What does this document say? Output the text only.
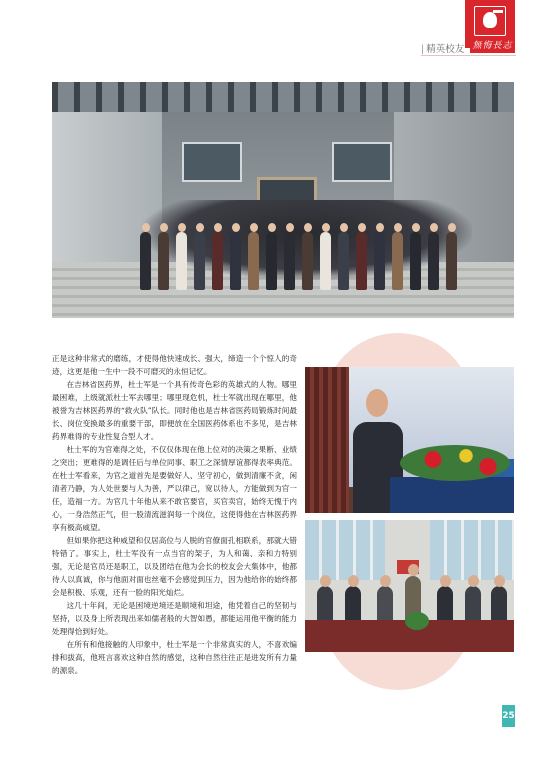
| 精英校友 無悔長志

正是这种非常式的磨练，才使得他快速成长、强大，缔造一个个惊人的奇迹，这更是他一生中一段不可磨灭的永恒记忆。

在吉林省医药界，杜士军是一个具有传奇色彩的英雄式的人物。哪里最困难，上级就派杜士军去哪里；哪里现危机，杜士军就出现在哪里，他被誉为吉林医药界的“救火队”队长。同时他也是吉林省医药局锻炼时间最长、岗位变换最多的重要干部，即便放在全国医药体系也不多见，是吉林药界难得的专业性复合型人才。

杜士军的为官难得之处，不仅仅体现在他上位对的决策之果断、业绩之突出；更难得的是调任后与单位同事、职工之深情厚谊都得表率典范。在杜士军看来，为官之道首先是要做好人、坚守初心，做到清廉不贪，闲清者乃静，为人处世要与人为善，严以律己，宽以待人，方能做到为官一任，造福一方。为官几十年他从来不敢官要官，买官卖官，始终无愧于内心，一身浩然正气，但一股清流滋润每一个岗位，这使得他在吉林医药界享有极高威望。

但如果你把这种威望和仅居高位与人脱的官僚面孔相联系，那就大错特错了。事实上，杜士军没有一点当官的架子，为人和蔼、亲和力特别强，无论是官员还是职工，以及团结在他为会长的校友会大集体中，他都待人以真诚，你与他面对面也丝毫不会感觉到压力，因为他给你的始终都会是积极、乐观，还有一脸的阳光灿烂。

这几十年间，无论是困境逆境还是顺境和坦途，他凭着自己的坚韧与坚持，以及身上所表现出来如儒者般的大智如愚，都能运用他平衡的能力处理得恰到好处。

在所有和他接触的人印象中，杜士军是一个非常真实的人，不喜欢编排和拔高，他班言喜欢这种自然的感觉，这种自然往往正是进发所有力量的源泉。

25
